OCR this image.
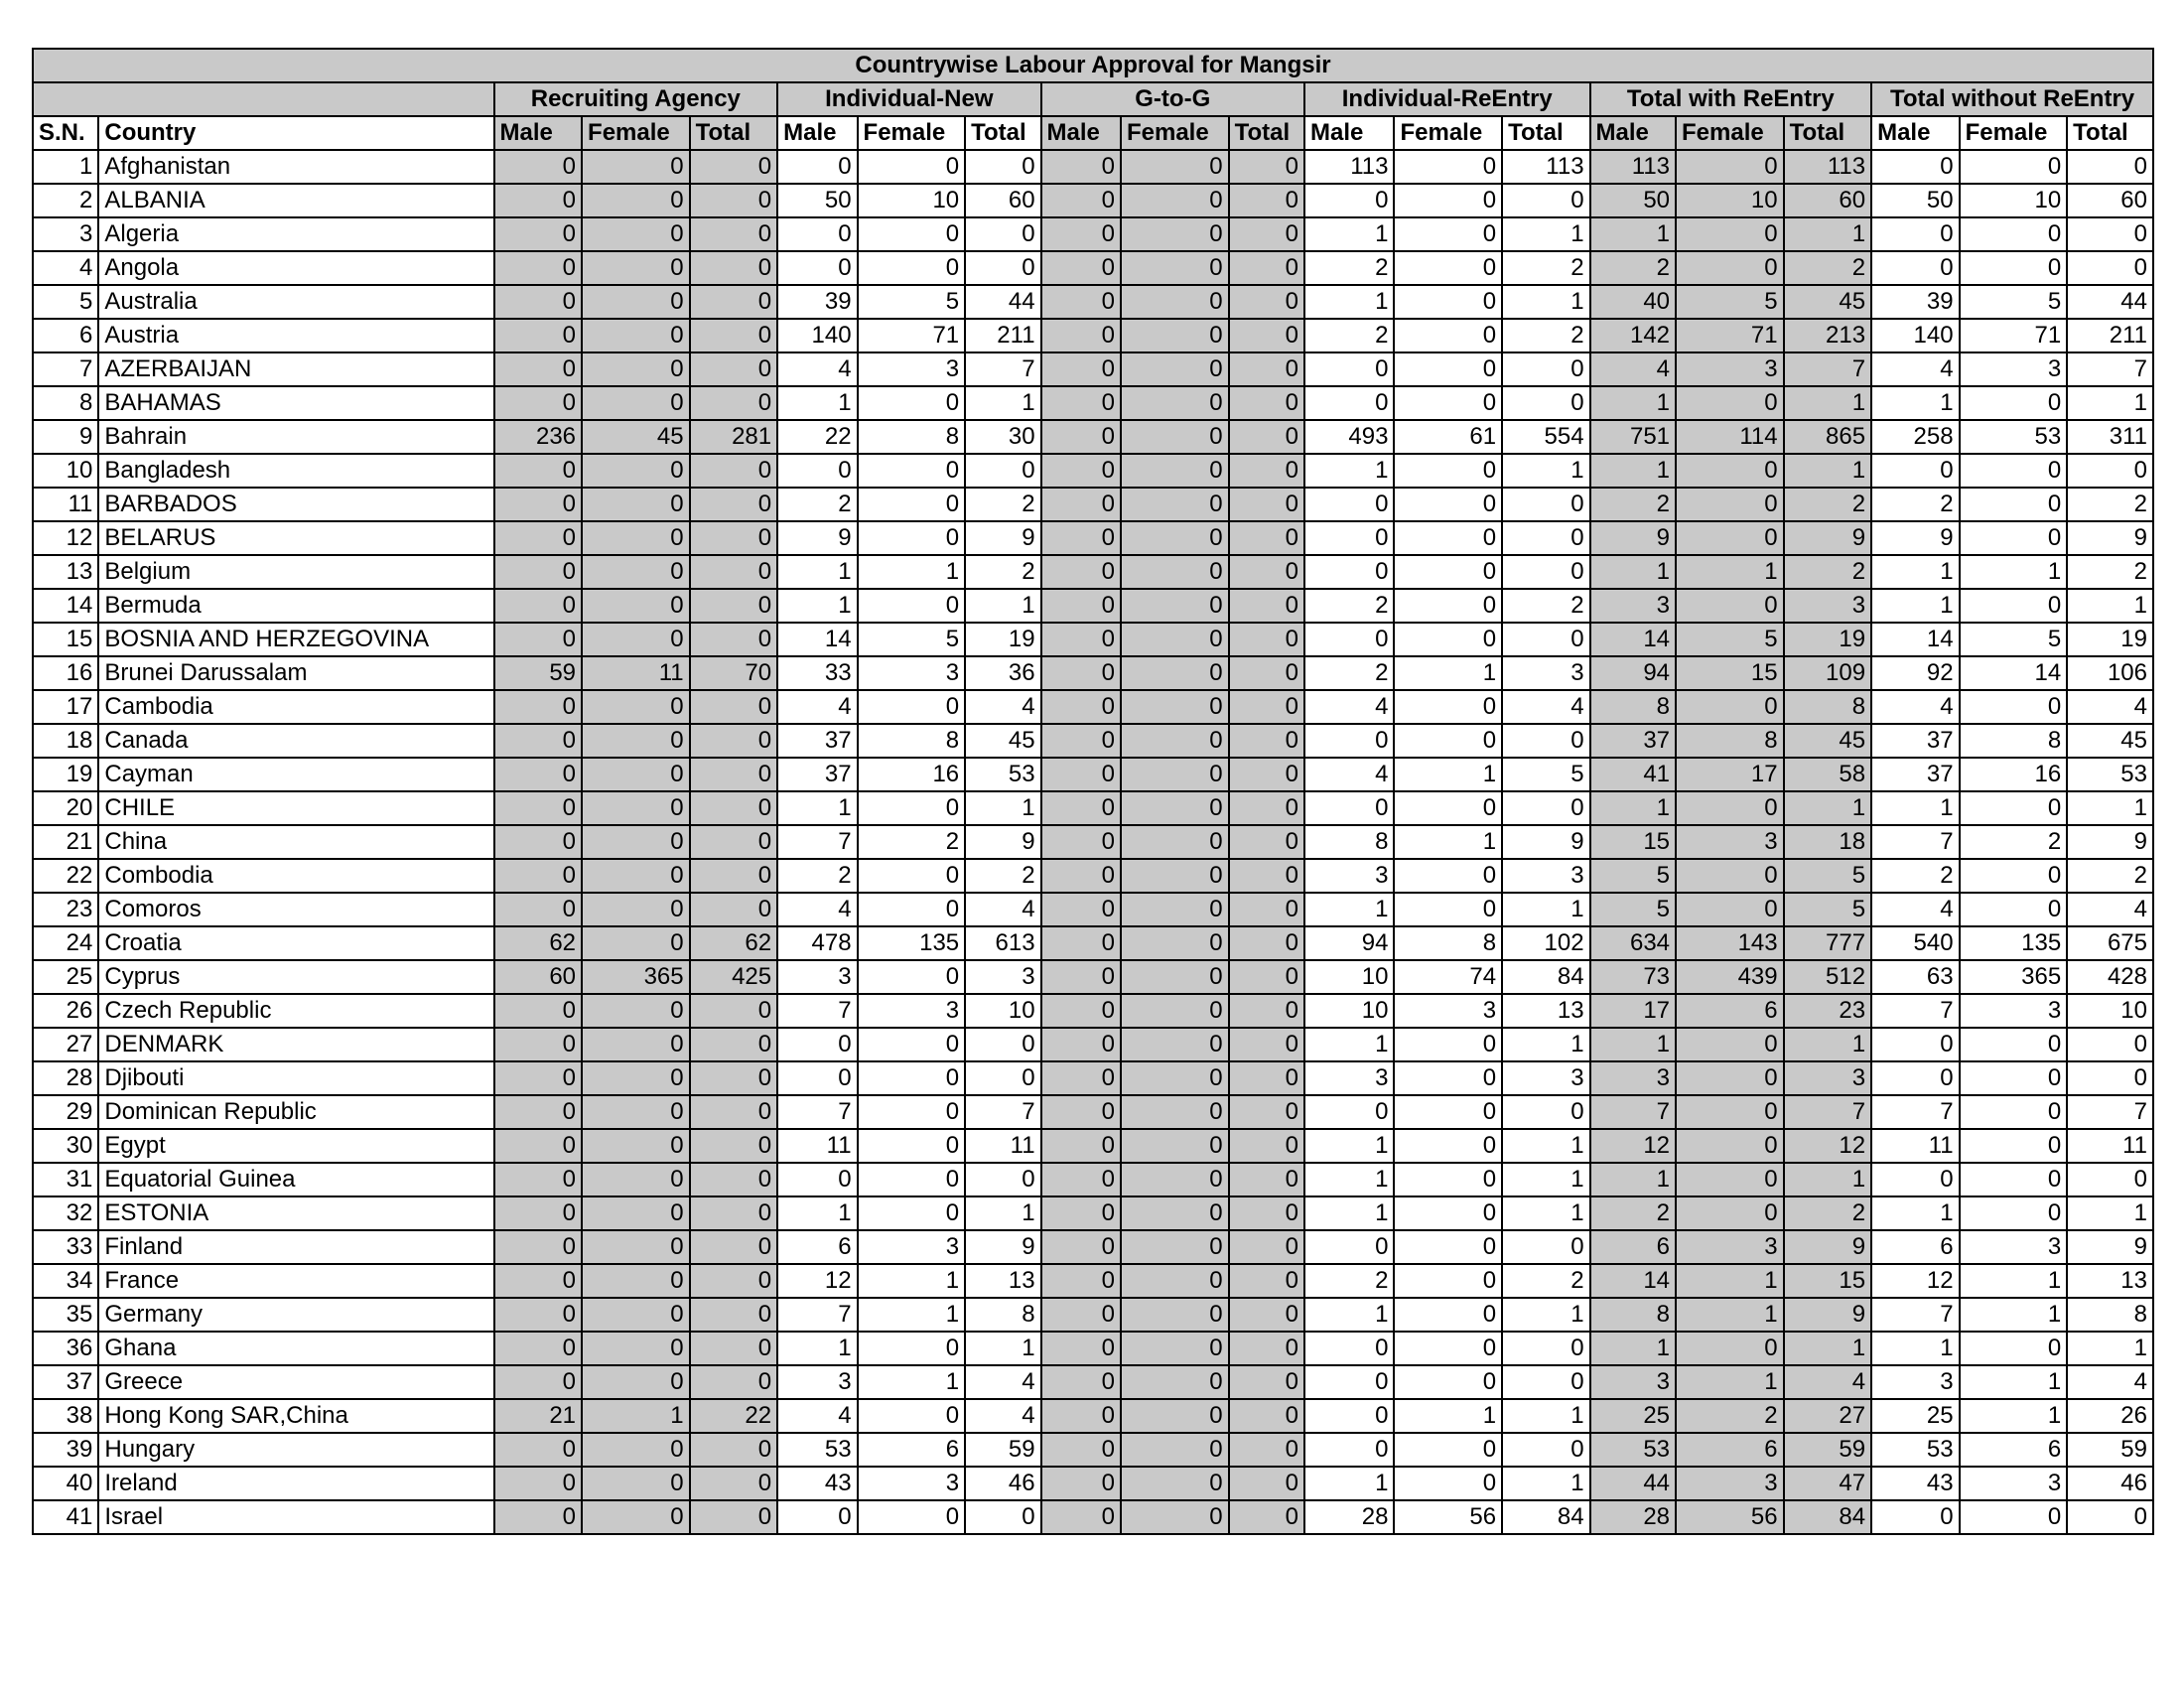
Countrywise Labour Approval for Mangsir																			
		Recruiting Agency			Individual-New			G-to-G			Individual-ReEntry			Total with ReEntry			Total without ReEntry		
S.N.	Country	Male	Female	Total	Male	Female	Total	Male	Female	Total	Male	Female	Total	Male	Female	Total	Male	Female	Total
1	Afghanistan	0	0	0	0	0	0	0	0	0	113	0	113	113	0	113	0	0	0
2	ALBANIA	0	0	0	50	10	60	0	0	0	0	0	0	50	10	60	50	10	60
3	Algeria	0	0	0	0	0	0	0	0	0	1	0	1	1	0	1	0	0	0
4	Angola	0	0	0	0	0	0	0	0	0	2	0	2	2	0	2	0	0	0
5	Australia	0	0	0	39	5	44	0	0	0	1	0	1	40	5	45	39	5	44
6	Austria	0	0	0	140	71	211	0	0	0	2	0	2	142	71	213	140	71	211
7	AZERBAIJAN	0	0	0	4	3	7	0	0	0	0	0	0	4	3	7	4	3	7
8	BAHAMAS	0	0	0	1	0	1	0	0	0	0	0	0	1	0	1	1	0	1
9	Bahrain	236	45	281	22	8	30	0	0	0	493	61	554	751	114	865	258	53	311
10	Bangladesh	0	0	0	0	0	0	0	0	0	1	0	1	1	0	1	0	0	0
11	BARBADOS	0	0	0	2	0	2	0	0	0	0	0	0	2	0	2	2	0	2
12	BELARUS	0	0	0	9	0	9	0	0	0	0	0	0	9	0	9	9	0	9
13	Belgium	0	0	0	1	1	2	0	0	0	0	0	0	1	1	2	1	1	2
14	Bermuda	0	0	0	1	0	1	0	0	0	2	0	2	3	0	3	1	0	1
15	BOSNIA AND HERZEGOVINA	0	0	0	14	5	19	0	0	0	0	0	0	14	5	19	14	5	19
16	Brunei Darussalam	59	11	70	33	3	36	0	0	0	2	1	3	94	15	109	92	14	106
17	Cambodia	0	0	0	4	0	4	0	0	0	4	0	4	8	0	8	4	0	4
18	Canada	0	0	0	37	8	45	0	0	0	0	0	0	37	8	45	37	8	45
19	Cayman	0	0	0	37	16	53	0	0	0	4	1	5	41	17	58	37	16	53
20	CHILE	0	0	0	1	0	1	0	0	0	0	0	0	1	0	1	1	0	1
21	China	0	0	0	7	2	9	0	0	0	8	1	9	15	3	18	7	2	9
22	Combodia	0	0	0	2	0	2	0	0	0	3	0	3	5	0	5	2	0	2
23	Comoros	0	0	0	4	0	4	0	0	0	1	0	1	5	0	5	4	0	4
24	Croatia	62	0	62	478	135	613	0	0	0	94	8	102	634	143	777	540	135	675
25	Cyprus	60	365	425	3	0	3	0	0	0	10	74	84	73	439	512	63	365	428
26	Czech Republic	0	0	0	7	3	10	0	0	0	10	3	13	17	6	23	7	3	10
27	DENMARK	0	0	0	0	0	0	0	0	0	1	0	1	1	0	1	0	0	0
28	Djibouti	0	0	0	0	0	0	0	0	0	3	0	3	3	0	3	0	0	0
29	Dominican Republic	0	0	0	7	0	7	0	0	0	0	0	0	7	0	7	7	0	7
30	Egypt	0	0	0	11	0	11	0	0	0	1	0	1	12	0	12	11	0	11
31	Equatorial Guinea	0	0	0	0	0	0	0	0	0	1	0	1	1	0	1	0	0	0
32	ESTONIA	0	0	0	1	0	1	0	0	0	1	0	1	2	0	2	1	0	1
33	Finland	0	0	0	6	3	9	0	0	0	0	0	0	6	3	9	6	3	9
34	France	0	0	0	12	1	13	0	0	0	2	0	2	14	1	15	12	1	13
35	Germany	0	0	0	7	1	8	0	0	0	1	0	1	8	1	9	7	1	8
36	Ghana	0	0	0	1	0	1	0	0	0	0	0	0	1	0	1	1	0	1
37	Greece	0	0	0	3	1	4	0	0	0	0	0	0	3	1	4	3	1	4
38	Hong Kong SAR,China	21	1	22	4	0	4	0	0	0	0	1	1	25	2	27	25	1	26
39	Hungary	0	0	0	53	6	59	0	0	0	0	0	0	53	6	59	53	6	59
40	Ireland	0	0	0	43	3	46	0	0	0	1	0	1	44	3	47	43	3	46
41	Israel	0	0	0	0	0	0	0	0	0	28	56	84	28	56	84	0	0	0
